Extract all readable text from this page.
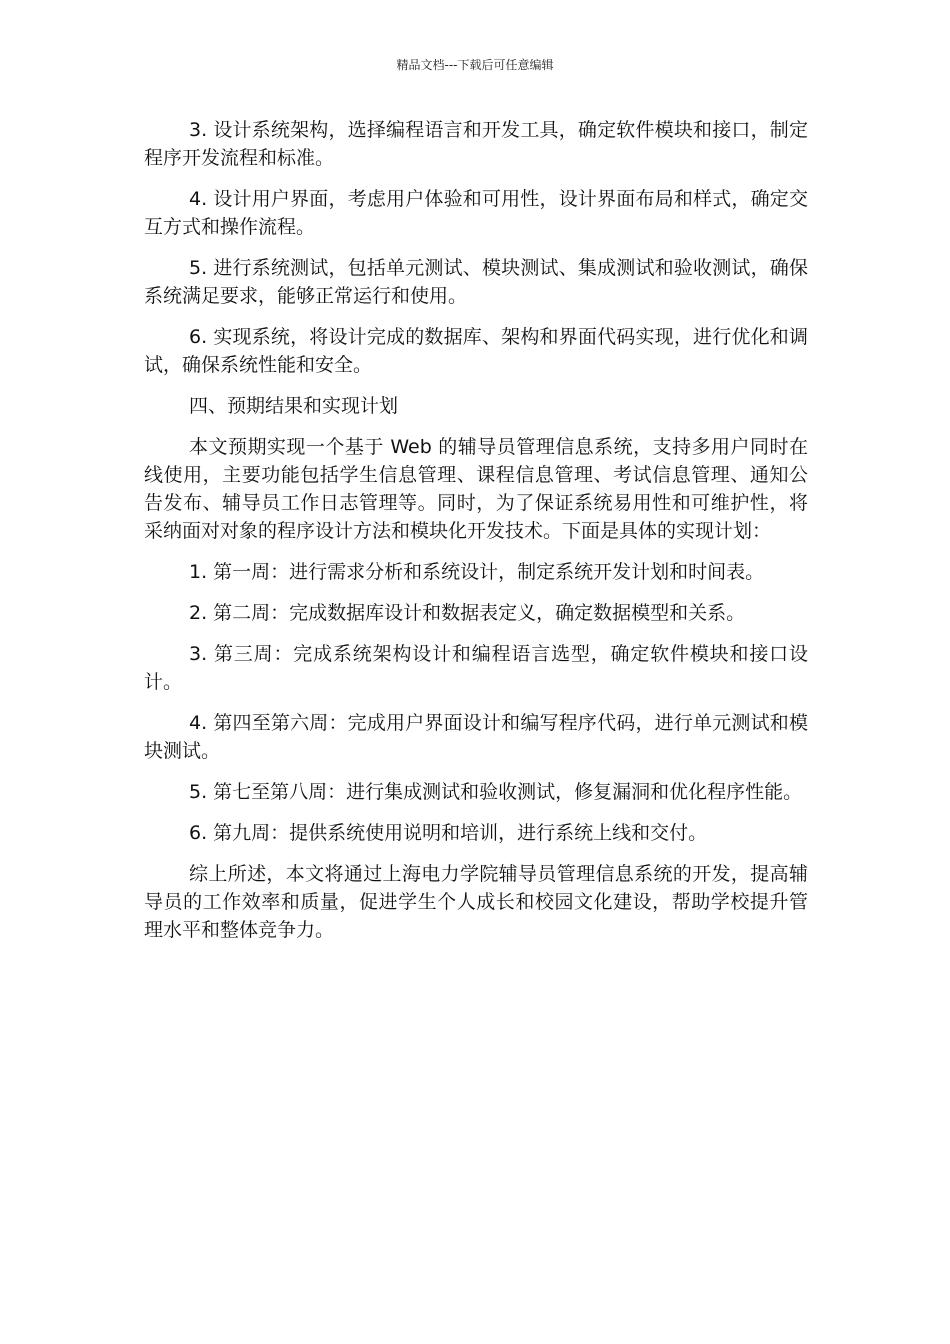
精品文档---下载后可任意编辑

3. 设计系统架构，选择编程语言和开发工具，确定软件模块和接口，制定程序开发流程和标准。

4. 设计用户界面，考虑用户体验和可用性，设计界面布局和样式，确定交互方式和操作流程。

5. 进行系统测试，包括单元测试、模块测试、集成测试和验收测试，确保系统满足要求，能够正常运行和使用。

6. 实现系统，将设计完成的数据库、架构和界面代码实现，进行优化和调试，确保系统性能和安全。

四、预期结果和实现计划

本文预期实现一个基于 Web 的辅导员管理信息系统，支持多用户同时在线使用，主要功能包括学生信息管理、课程信息管理、考试信息管理、通知公告发布、辅导员工作日志管理等。同时，为了保证系统易用性和可维护性，将采纳面对对象的程序设计方法和模块化开发技术。下面是具体的实现计划：

1. 第一周：进行需求分析和系统设计，制定系统开发计划和时间表。

2. 第二周：完成数据库设计和数据表定义，确定数据模型和关系。

3. 第三周：完成系统架构设计和编程语言选型，确定软件模块和接口设计。

4. 第四至第六周：完成用户界面设计和编写程序代码，进行单元测试和模块测试。

5. 第七至第八周：进行集成测试和验收测试，修复漏洞和优化程序性能。

6. 第九周：提供系统使用说明和培训，进行系统上线和交付。

综上所述，本文将通过上海电力学院辅导员管理信息系统的开发，提高辅导员的工作效率和质量，促进学生个人成长和校园文化建设，帮助学校提升管理水平和整体竞争力。
